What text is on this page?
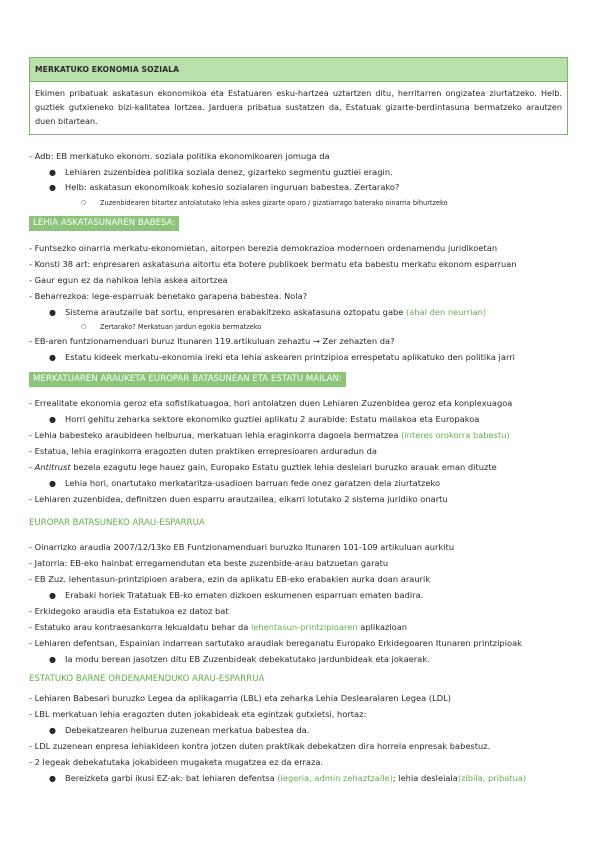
MERKATUKO EKONOMIA SOZIALA
Ekimen pribatuak askatasun ekonomikoa eta Estatuaren esku-hartzea uztartzen ditu, herritarren ongizatea ziurtatzeko. Helb. guztiek gutxieneko bizi-kalitatea lortzea. Jarduera pribatua sustatzen da, Estatuak gizarte-berdintasuna bermatzeko arautzen duen bitartean.
- Adb: EB merkatuko ekonom. soziala politika ekonomikoaren jomuga da
● Lehiaren zuzenbidea politika soziala denez, gizarteko segmentu guztiei eragin.
● Helb: askatasun ekonomikoak kohesio sozialaren inguruan babestea. Zertarako?
○ Zuzenbidearen bitartez antolatutako lehia askea gizarte oparo / gizatiarrago baterako oinarria bihurtzeko
LEHIA ASKATASUNAREN BABESA:
- Funtsezko oinarria merkatu-ekonomietan, aitorpen berezia demokrazioa modernoen ordenamendu juridikoetan
- Konsti 38 art: enpresaren askatasuna aitortu eta botere publikoek bermatu eta babestu merkatu ekonom esparruan
- Gaur egun ez da nahikoa lehia askea aitortzea
- Beharrezkoa: lege-esparruak benetako garapena babestea. Nola?
● Sistema arautzaile bat sortu, enpresaren erabakitzeko askatasuna oztopatu gabe (ahal den neurrian)
○ Zertarako? Merkatuan jardun egokia bermatzeko
- EB-aren funtzionamenduari buruz Itunaren 119.artikuluan zehaztu → Zer zehazten da?
● Estatu kideek merkatu-ekonomia ireki eta lehia askearen printzipioa errespetatu aplikatuko den politika jarri
MERKATUAREN ARAUKETA EUROPAR BATASUNEAN ETA ESTATU MAILAN:
- Errealitate ekonomia geroz eta sofistikatuagoa, hori antolatzen duen Lehiaren Zuzenbidea geroz eta konplexuagoa
● Horri gehitu zeharka sektore ekonomiko guztiei aplikatu 2 aurabide: Estatu mailakoa eta Europakoa
- Lehia babesteko araubideen helburua, merkatuan lehia eraginkorra dagoela bermatzea (interes orokorra babestu)
- Estatua, lehia eraginkorra eragozten duten praktiken errepresioaren arduradun da
- Antitrust bezela ezagutu lege hauez gain, Europako Estatu guztiek lehia desleiari buruzko arauak eman dituzte
● Lehia hori, onartutako merkataritza-usadioen barruan fede onez garatzen dela ziurtatzeko
- Lehiaren zuzenbidea, definitzen duen esparru arautzailea, elkarri lotutako 2 sistema juridiko onartu
EUROPAR BATASUNEKO ARAU-ESPARRUA
- Oinarrizko araudia 2007/12/13ko EB Funtzionamenduari buruzko Itunaren 101-109 artikuluan aurkitu
- Jatorria: EB-eko hainbat erregamendutan eta beste zuzenbide-arau batzuetan garatu
- EB Zuz. lehentasun-printzipioen arabera, ezin da aplikatu EB-eko erabakien aurka doan araurik
● Erabaki horiek Tratatuak EB-ko ematen dizkoen eskumenen esparruan ematen badira.
- Erkidegoko araudia eta Estatukoa ez datoz bat
- Estatuko arau kontraesankorra lekualdatu behar da lehentasun-printzipioaren aplikazioan
- Lehiaren defentsan, Espainian indarrean sartutako araudiak bereganatu Europako Erkidegoaren Itunaren printzipioak
● Ia modu berean jasotzen ditu EB Zuzenbideak debekatutako jardunbideak eta jokaerak.
ESTATUKO BARNE ORDENAMENDUKO ARAU-ESPARRUA
- Lehiaren Babesari buruzko Legea da aplikagarria (LBL) eta zeharka Lehia Deslearalaren Legea (LDL)
- LBL merkatuan lehia eragozten duten jokabideak eta egintzak gutxietsi, hortaz:
● Debekatzearen helburua zuzenean merkatua babestea da.
- LDL zuzenean enpresa lehiakideen kontra jotzen duten praktikak debekatzen dira horrela enpresak babestuz.
- 2 legeak debekatutaka jokabideen mugaketa mugatzea ez da erraza.
● Bereizketa garbi ikusi EZ-ak: bat lehiaren defentsa (legeria, admin zehaztzaile); lehia desleiala(zibila, pribatua)
